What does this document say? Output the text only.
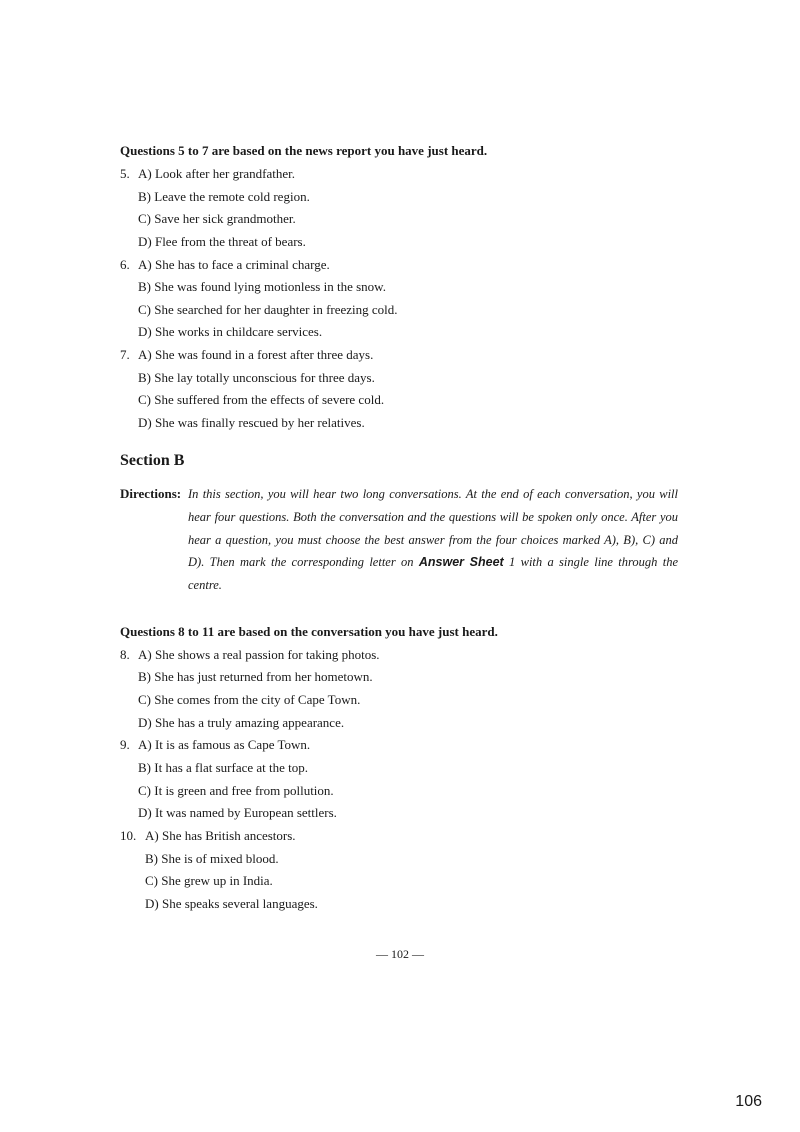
Questions 5 to 7 are based on the news report you have just heard.
5. A) Look after her grandfather.
B) Leave the remote cold region.
C) Save her sick grandmother.
D) Flee from the threat of bears.
6. A) She has to face a criminal charge.
B) She was found lying motionless in the snow.
C) She searched for her daughter in freezing cold.
D) She works in childcare services.
7. A) She was found in a forest after three days.
B) She lay totally unconscious for three days.
C) She suffered from the effects of severe cold.
D) She was finally rescued by her relatives.
Section B
Directions: In this section, you will hear two long conversations. At the end of each conversation, you will
hear four questions. Both the conversation and the questions will be spoken only once. After you
hear a question, you must choose the best answer from the four choices marked A), B), C) and
D). Then mark the corresponding letter on Answer Sheet 1 with a single line through the
centre.
Questions 8 to 11 are based on the conversation you have just heard.
8. A) She shows a real passion for taking photos.
B) She has just returned from her hometown.
C) She comes from the city of Cape Town.
D) She has a truly amazing appearance.
9. A) It is as famous as Cape Town.
B) It has a flat surface at the top.
C) It is green and free from pollution.
D) It was named by European settlers.
10. A) She has British ancestors.
B) She is of mixed blood.
C) She grew up in India.
D) She speaks several languages.
— 102 —
106
